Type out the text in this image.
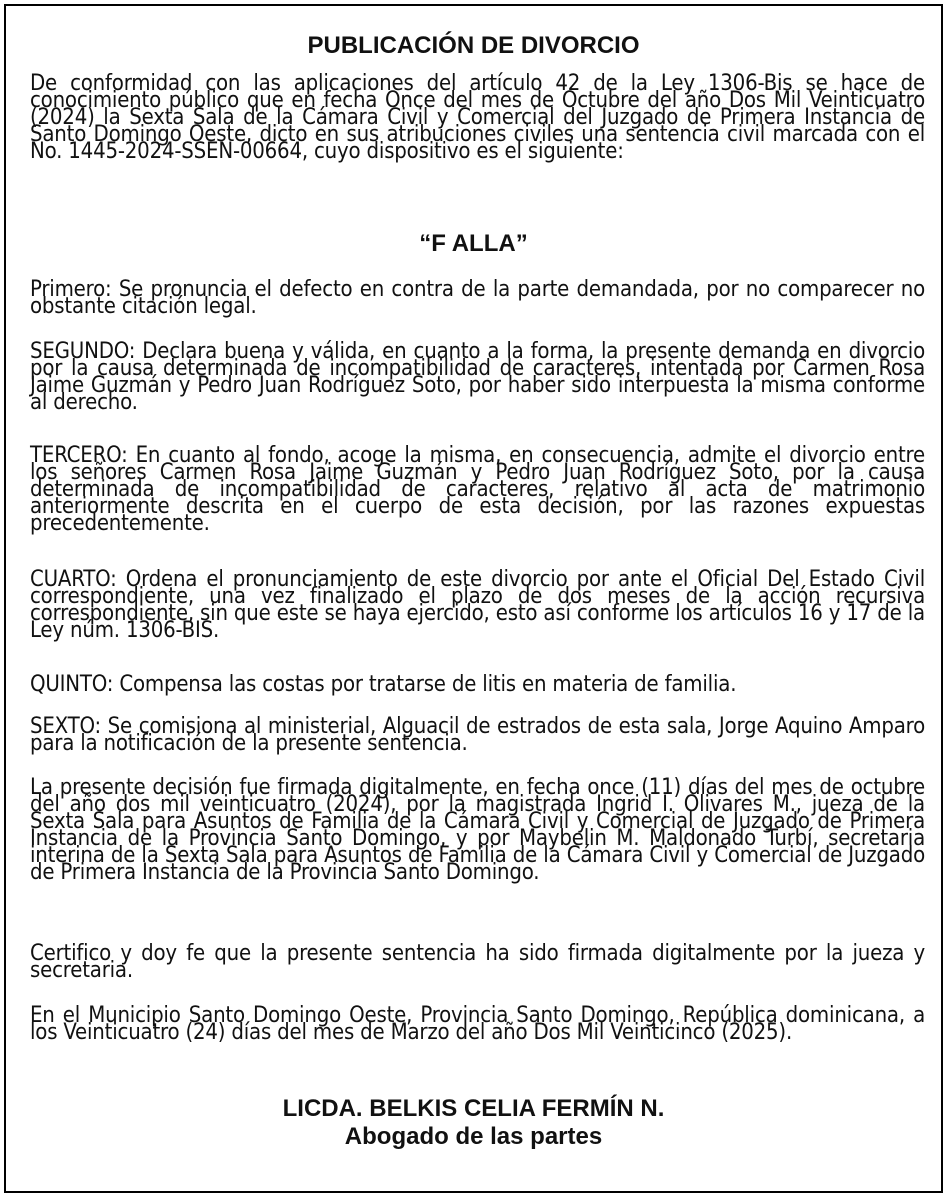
PUBLICACIÓN DE DIVORCIO
De conformidad con las aplicaciones del artículo 42 de la Ley 1306-Bis se hace de conocimiento público que en fecha Once del mes de Octubre del año Dos Mil Veinticuatro (2024) la Sexta Sala de la Cámara Civil y Comercial del Juzgado de Primera Instancia de Santo Domingo Oeste, dicto en sus atribuciones civiles una sentencia civil marcada con el No. 1445-2024-SSEN-00664, cuyo dispositivo es el siguiente:
“F ALLA”
Primero: Se pronuncia el defecto en contra de la parte demandada, por no comparecer no obstante citación legal.
SEGUNDO: Declara buena y válida, en cuanto a la forma, la presente demanda en divorcio por la causa determinada de incompatibilidad de caracteres, intentada por Carmen Rosa Jaime Guzmán y Pedro Juan Rodríguez Soto, por haber sido interpuesta la misma conforme al derecho.
TERCERO: En cuanto al fondo, acoge la misma, en consecuencia, admite el divorcio entre los señores Carmen Rosa Jaime Guzmán y Pedro Juan Rodríguez Soto, por la causa determinada de incompatibilidad de caracteres, relativo al acta de matrimonio anteriormente descrita en el cuerpo de esta decisión, por las razones expuestas precedentemente.
CUARTO: Ordena el pronunciamiento de este divorcio por ante el Oficial Del Estado Civil correspondiente, una vez finalizado el plazo de dos meses de la acción recursiva correspondiente, sin que este se haya ejercido, esto así conforme los artículos 16 y 17 de la Ley núm. 1306-BIS.
QUINTO: Compensa las costas por tratarse de litis en materia de familia.
SEXTO: Se comisiona al ministerial, Alguacil de estrados de esta sala, Jorge Aquino Amparo para la notificación de la presente sentencia.
La presente decisión fue firmada digitalmente, en fecha once (11) días del mes de octubre del año dos mil veinticuatro (2024), por la magistrada Ingrid I. Olivares M., jueza de la Sexta Sala para Asuntos de Familia de la Cámara Civil y Comercial de Juzgado de Primera Instancia de la Provincia Santo Domingo, y por Maybelin M. Maldonado Turbí, secretaria interina de la Sexta Sala para Asuntos de Familia de la Cámara Civil y Comercial de Juzgado de Primera Instancia de la Provincia Santo Domingo.
Certifico y doy fe que la presente sentencia ha sido firmada digitalmente por la jueza y secretaria.
En el Municipio Santo Domingo Oeste, Provincia Santo Domingo, República dominicana, a los Veinticuatro (24) días del mes de Marzo del año Dos Mil Veinticinco (2025).
LICDA. BELKIS CELIA FERMÍN N.
Abogado de las partes
